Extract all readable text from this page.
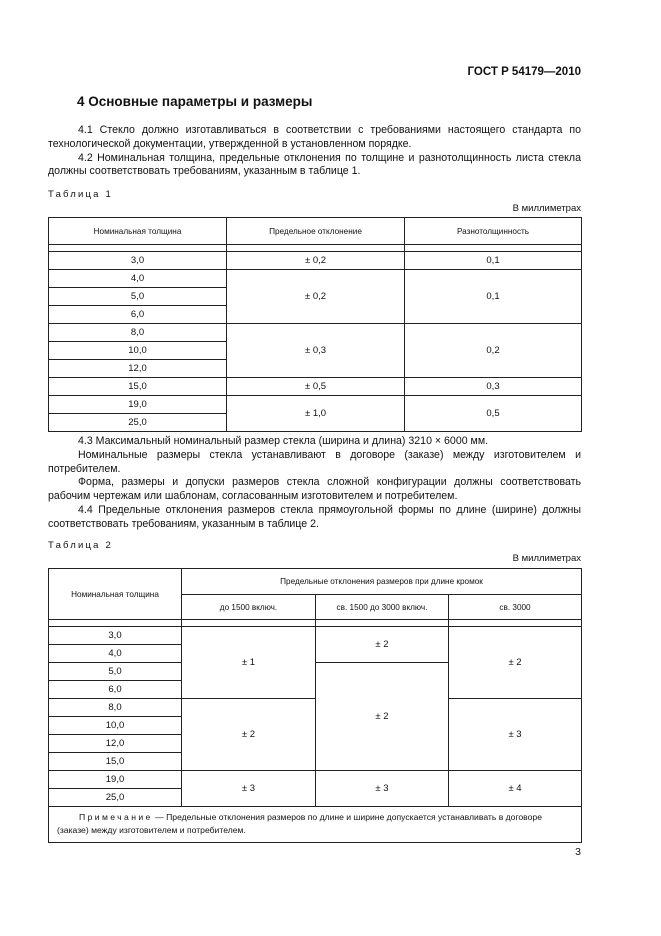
ГОСТ Р 54179—2010
4 Основные параметры и размеры

4.1 Стекло должно изготавливаться в соответствии с требованиями настоящего стандарта по технологической документации, утвержденной в установленном порядке.

4.2 Номинальная толщина, предельные отклонения по толщине и разнотолщинность листа стекла должны соответствовать требованиям, указанным в таблице 1.

Таблица 1
В миллиметрах
Номинальная толщина	Предельное отклонение	Разнотолщинность

3,0	± 0,2	0,1
4,0	± 0,2	0,1
5,0		
6,0		
8,0	± 0,3	0,2
10,0		
12,0		
15,0	± 0,5	0,3
19,0	± 1,0	0,5
25,0		

4.3 Максимальный номинальный размер стекла (ширина и длина) 3210 × 6000 мм.

Номинальные размеры стекла устанавливают в договоре (заказе) между изготовителем и потребителем.

Форма, размеры и допуски размеров стекла сложной конфигурации должны соответствовать рабочим чертежам или шаблонам, согласованным изготовителем и потребителем.

4.4 Предельные отклонения размеров стекла прямоугольной формы по длине (ширине) должны соответствовать требованиям, указанным в таблице 2.

Таблица 2
В миллиметрах
Номинальная толщина	Предельные отклонения размеров при длине кромок		
	до 1500 включ.	св. 1500 до 3000 включ.	св. 3000

3,0	± 1	± 2	± 2
4,0			
5,0		± 2	
6,0			
8,0	± 2		± 3
10,0			
12,0			
15,0			
19,0	± 3	± 3	± 4
25,0			
Примечание — Предельные отклонения размеров по длине и ширине допускается устанавливать в договоре (заказе) между изготовителем и потребителем.			
3
